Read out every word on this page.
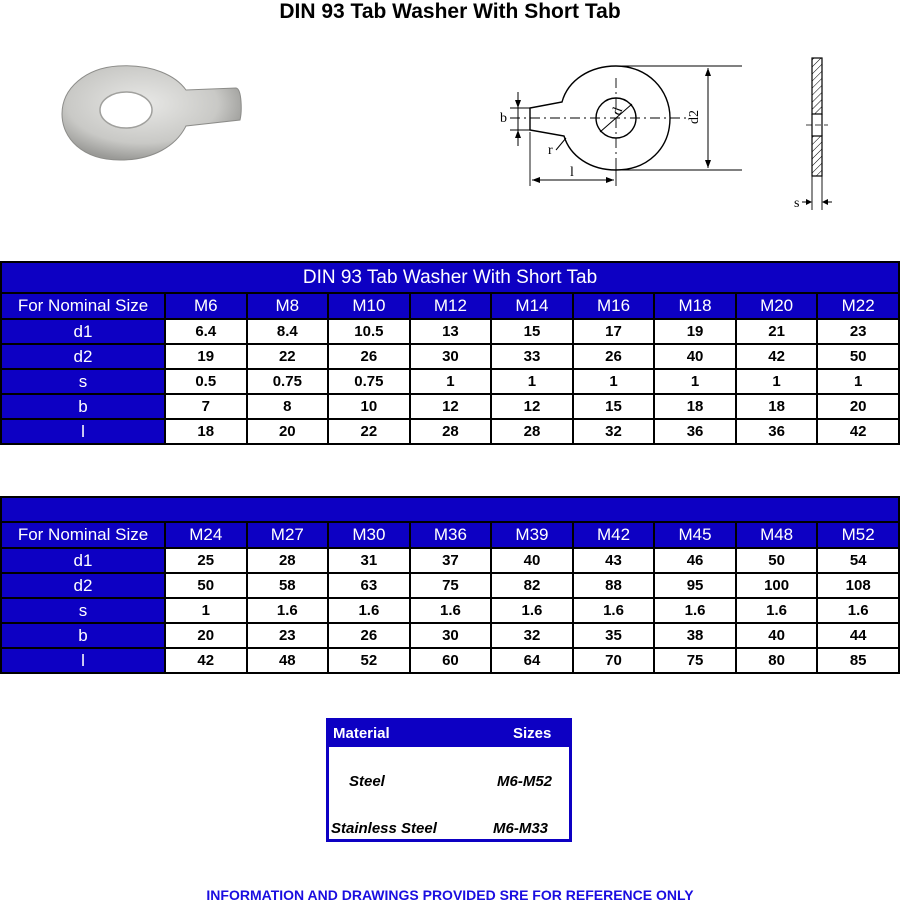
DIN 93 Tab Washer With Short Tab
b	d	d2
r
l
s
DIN 93 Tab Washer With Short Tab									
For Nominal Size	M6	M8	M10	M12	M14	M16	M18	M20	M22
d1	6.4	8.4	10.5	13	15	17	19	21	23
d2	19	22	26	30	33	26	40	42	50
s	0.5	0.75	0.75	1	1	1	1	1	1
b	7	8	10	12	12	15	18	18	20
l	18	20	22	28	28	32	36	36	42

For Nominal Size	M24	M27	M30	M36	M39	M42	M45	M48	M52
d1	25	28	31	37	40	43	46	50	54
d2	50	58	63	75	82	88	95	100	108
s	1	1.6	1.6	1.6	1.6	1.6	1.6	1.6	1.6
b	20	23	26	30	32	35	38	40	44
l	42	48	52	60	64	70	75	80	85
Material	Sizes
Steel	M6-M52
Stainless Steel	M6-M33
INFORMATION AND DRAWINGS PROVIDED SRE FOR REFERENCE ONLY
